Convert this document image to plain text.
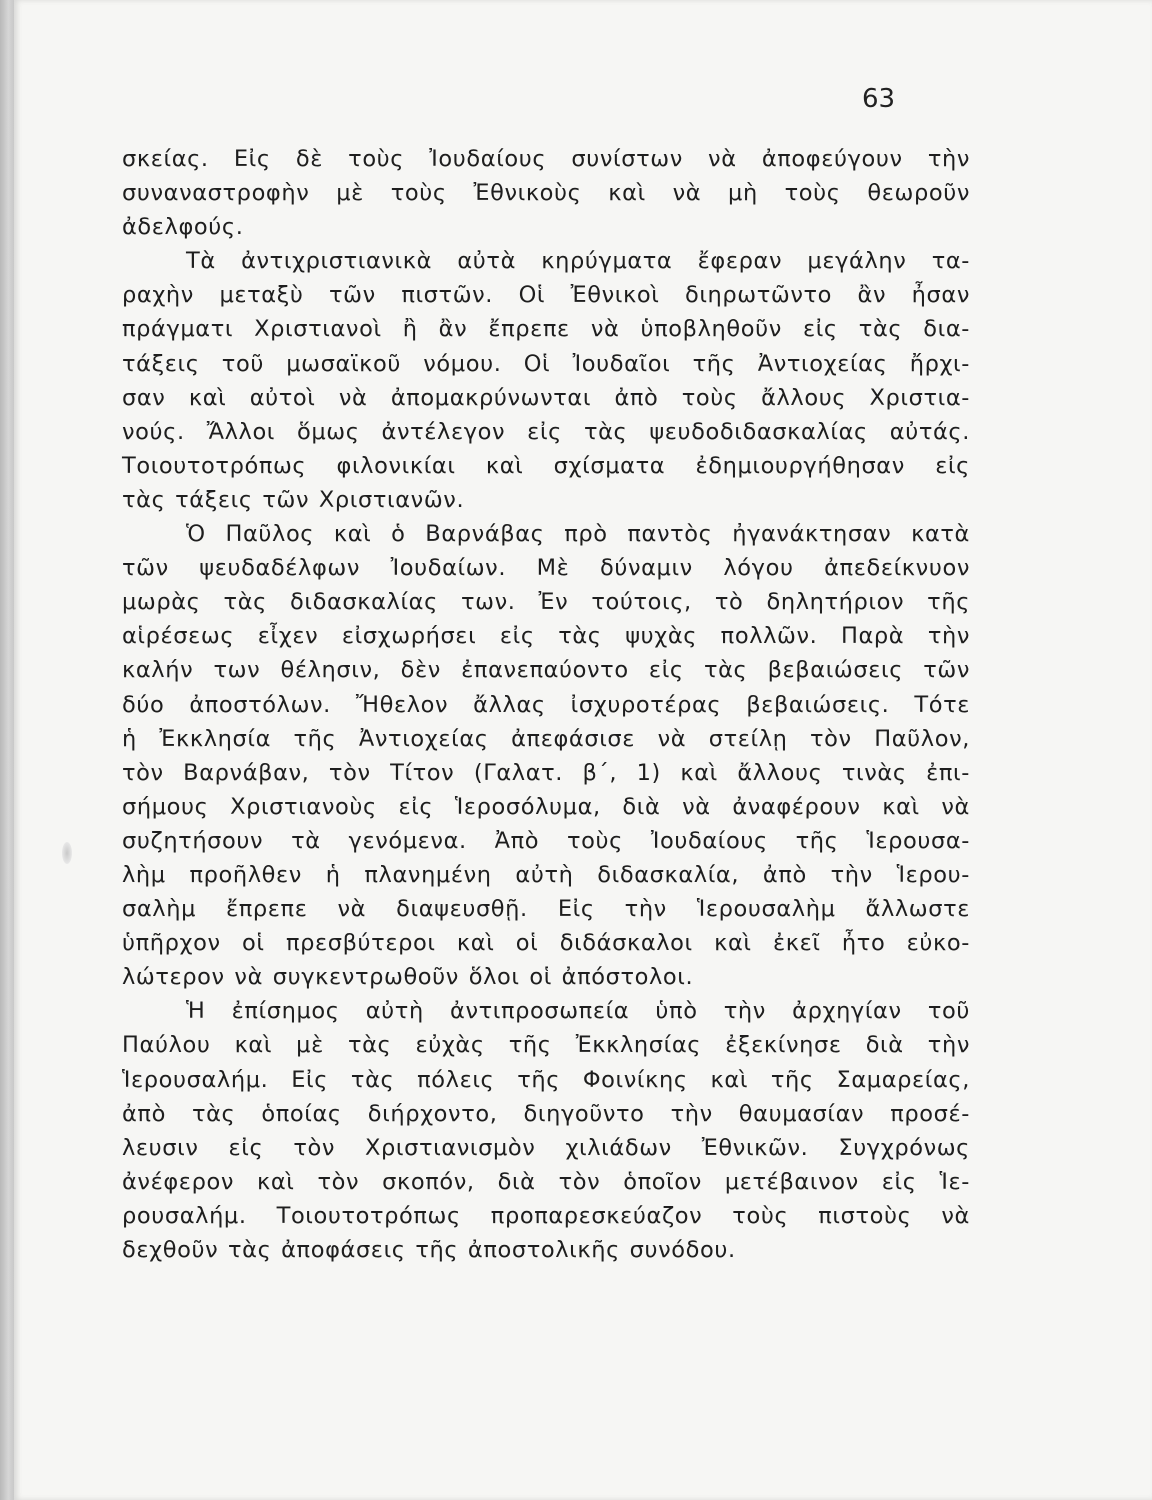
63

σκείας. Εἰς δὲ τοὺς Ἰουδαίους συνίστων νὰ ἀποφεύγουν τὴν
συναναστροφὴν μὲ τοὺς Ἐθνικοὺς καὶ νὰ μὴ τοὺς θεωροῦν
ἀδελφούς.
Τὰ ἀντιχριστιανικὰ αὐτὰ κηρύγματα ἔφεραν μεγάλην τα-
ραχὴν μεταξὺ τῶν πιστῶν. Οἱ Ἐθνικοὶ διηρωτῶντο ἂν ἦσαν
πράγματι Χριστιανοὶ ἢ ἂν ἔπρεπε νὰ ὑποβληθοῦν εἰς τὰς δια-
τάξεις τοῦ μωσαϊκοῦ νόμου. Οἱ Ἰουδαῖοι τῆς Ἀντιοχείας ἤρχι-
σαν καὶ αὐτοὶ νὰ ἀπομακρύνωνται ἀπὸ τοὺς ἄλλους Χριστια-
νούς. Ἄλλοι ὅμως ἀντέλεγον εἰς τὰς ψευδοδιδασκαλίας αὐτάς.
Τοιουτοτρόπως φιλονικίαι καὶ σχίσματα ἐδημιουργήθησαν εἰς
τὰς τάξεις τῶν Χριστιανῶν.
Ὁ Παῦλος καὶ ὁ Βαρνάβας πρὸ παντὸς ἠγανάκτησαν κατὰ
τῶν ψευδαδέλφων Ἰουδαίων. Μὲ δύναμιν λόγου ἀπεδείκνυον
μωρὰς τὰς διδασκαλίας των. Ἐν τούτοις, τὸ δηλητήριον τῆς
αἱρέσεως εἶχεν εἰσχωρήσει εἰς τὰς ψυχὰς πολλῶν. Παρὰ τὴν
καλήν των θέλησιν, δὲν ἐπανεπαύοντο εἰς τὰς βεβαιώσεις τῶν
δύο ἀποστόλων. Ἤθελον ἄλλας ἰσχυροτέρας βεβαιώσεις. Τότε
ἡ Ἐκκλησία τῆς Ἀντιοχείας ἀπεφάσισε νὰ στείλῃ τὸν Παῦλον,
τὸν Βαρνάβαν, τὸν Τίτον (Γαλατ. β΄, 1) καὶ ἄλλους τινὰς ἐπι-
σήμους Χριστιανοὺς εἰς Ἱεροσόλυμα, διὰ νὰ ἀναφέρουν καὶ νὰ
συζητήσουν τὰ γενόμενα. Ἀπὸ τοὺς Ἰουδαίους τῆς Ἱερουσα-
λὴμ προῆλθεν ἡ πλανημένη αὐτὴ διδασκαλία, ἀπὸ τὴν Ἱερου-
σαλὴμ ἔπρεπε νὰ διαψευσθῇ. Εἰς τὴν Ἱερουσαλὴμ ἄλλωστε
ὑπῆρχον οἱ πρεσβύτεροι καὶ οἱ διδάσκαλοι καὶ ἐκεῖ ἦτο εὐκο-
λώτερον νὰ συγκεντρωθοῦν ὅλοι οἱ ἀπόστολοι.
Ἡ ἐπίσημος αὐτὴ ἀντιπροσωπεία ὑπὸ τὴν ἀρχηγίαν τοῦ
Παύλου καὶ μὲ τὰς εὐχὰς τῆς Ἐκκλησίας ἐξεκίνησε διὰ τὴν
Ἱερουσαλήμ. Εἰς τὰς πόλεις τῆς Φοινίκης καὶ τῆς Σαμαρείας,
ἀπὸ τὰς ὁποίας διήρχοντο, διηγοῦντο τὴν θαυμασίαν προσέ-
λευσιν εἰς τὸν Χριστιανισμὸν χιλιάδων Ἐθνικῶν. Συγχρόνως
ἀνέφερον καὶ τὸν σκοπόν, διὰ τὸν ὁποῖον μετέβαινον εἰς Ἱε-
ρουσαλήμ. Τοιουτοτρόπως προπαρεσκεύαζον τοὺς πιστοὺς νὰ
δεχθοῦν τὰς ἀποφάσεις τῆς ἀποστολικῆς συνόδου.
